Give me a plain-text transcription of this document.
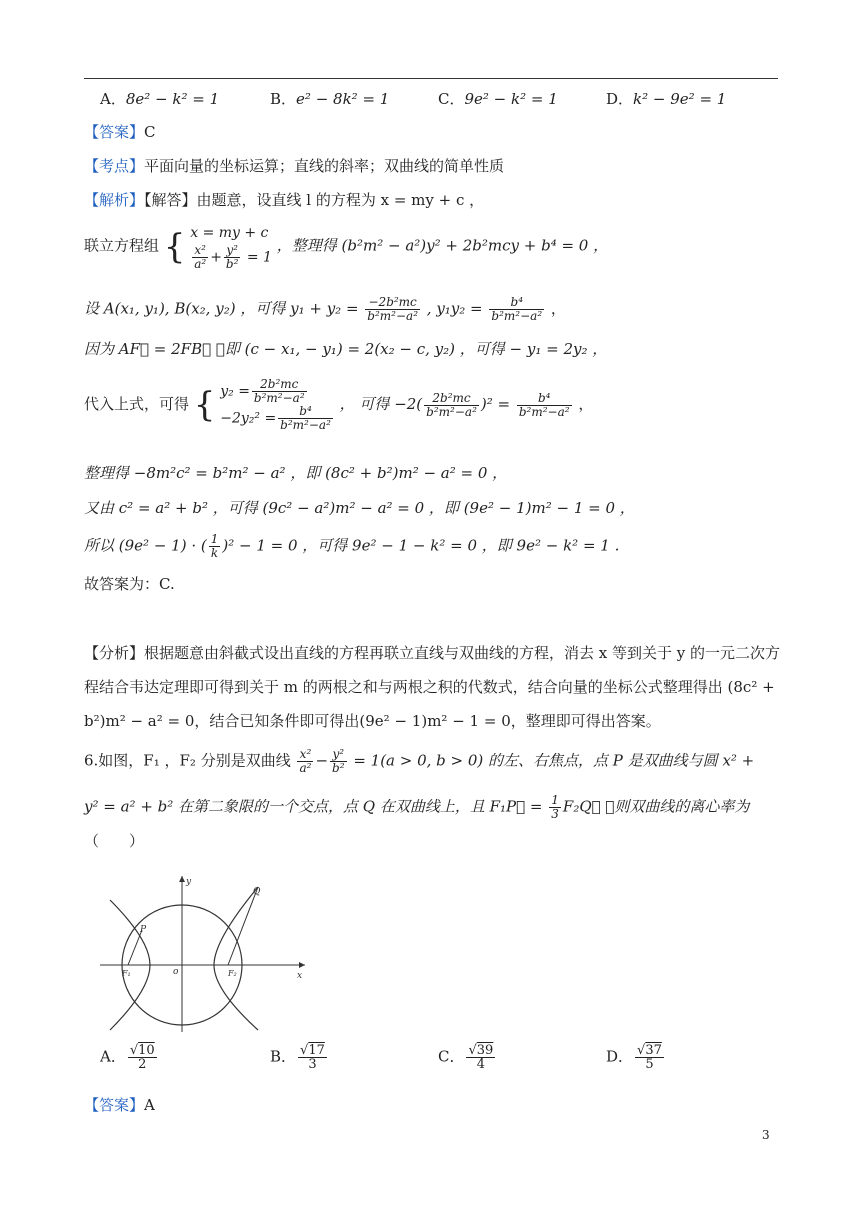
A．8e² − k² = 1	B．e² − 8k² = 1	C．9e² − k² = 1	D．k² − 9e² = 1
【答案】C
【考点】平面向量的坐标运算；直线的斜率；双曲线的简单性质
【解析】【解答】由题意，设直线 l 的方程为 x = my + c ，
联立方程组 { x = my + c
$\frac{\text{x²}}{\text{a²}} + \frac{\text{y²}}{\text{b²}} = 1$
，整理得 (b²m² − a²)y² + 2b²mcy + b⁴ = 0 ，
设 A(x₁, y₁), B(x₂, y₂) ，可得 $y_1 + y_2 = \frac{\text{−2b²mc}}{\text{b²m²−a²}}$ , $y_1y_2 = \frac{\text{b⁴}}{\text{b²m²−a²}}$ ，
因为 AF⃗ = 2FB⃗ ，即 (c − x₁, − y₁) = 2(x₂ − c, y₂) ，可得 − y₁ = 2y₂ ，
代入上式，可得 { $y_2 = \frac{\text{2b²mc}}{\text{b²m²−a²}}$
$-2y_2^2 = \frac{\text{b⁴}}{\text{b²m²−a²}}$
， 可得 $-2( \frac{\text{2b²mc}}{\text{b²m²−a²}} )^2 = \frac{\text{b⁴}}{\text{b²m²−a²}}$ ，
整理得 −8m²c² = b²m² − a² ，即 (8c² + b²)m² − a² = 0 ，
又由 c² = a² + b² ，可得 (9c² − a²)m² − a² = 0 ，即 (9e² − 1)m² − 1 = 0 ，
所以 (9e² − 1) · ( $\frac{1}{k} )^2 - 1 = 0$ ，可得 9e² − 1 − k² = 0 ，即 9e² − k² = 1 .
故答案为：C.
【分析】根据题意由斜截式设出直线的方程再联立直线与双曲线的方程，消去 x 等到关于 y 的一元二次方程结合韦达定理即可得到关于 m 的两根之和与两根之积的代数式，结合向量的坐标公式整理得出 (8c² + b²)m² − a² = 0，结合已知条件即可得出(9e² − 1)m² − 1 = 0，整理即可得出答案。
6.如图，F₁ ，F₂ 分别是双曲线 $\frac{\text{x²}}{\text{a²}} - \frac{\text{y²}}{\text{b²}} = 1(a > 0$, b > 0) 的左、右焦点，点 P 是双曲线与圆 x² +
y² = a² + b² 在第二象限的一个交点，点 Q 在双曲线上，且 F₁P⃗ = $\frac{1}{3}$ F₂Q⃗ ，则双曲线的离心率为
（　　）
y
x
o
P
Q
F₁	F₂
A． $\frac{√10}{2}$	B． $\frac{√17}{3}$	C． $\frac{√39}{4}$	D． $\frac{√37}{5}$
【答案】A
3
